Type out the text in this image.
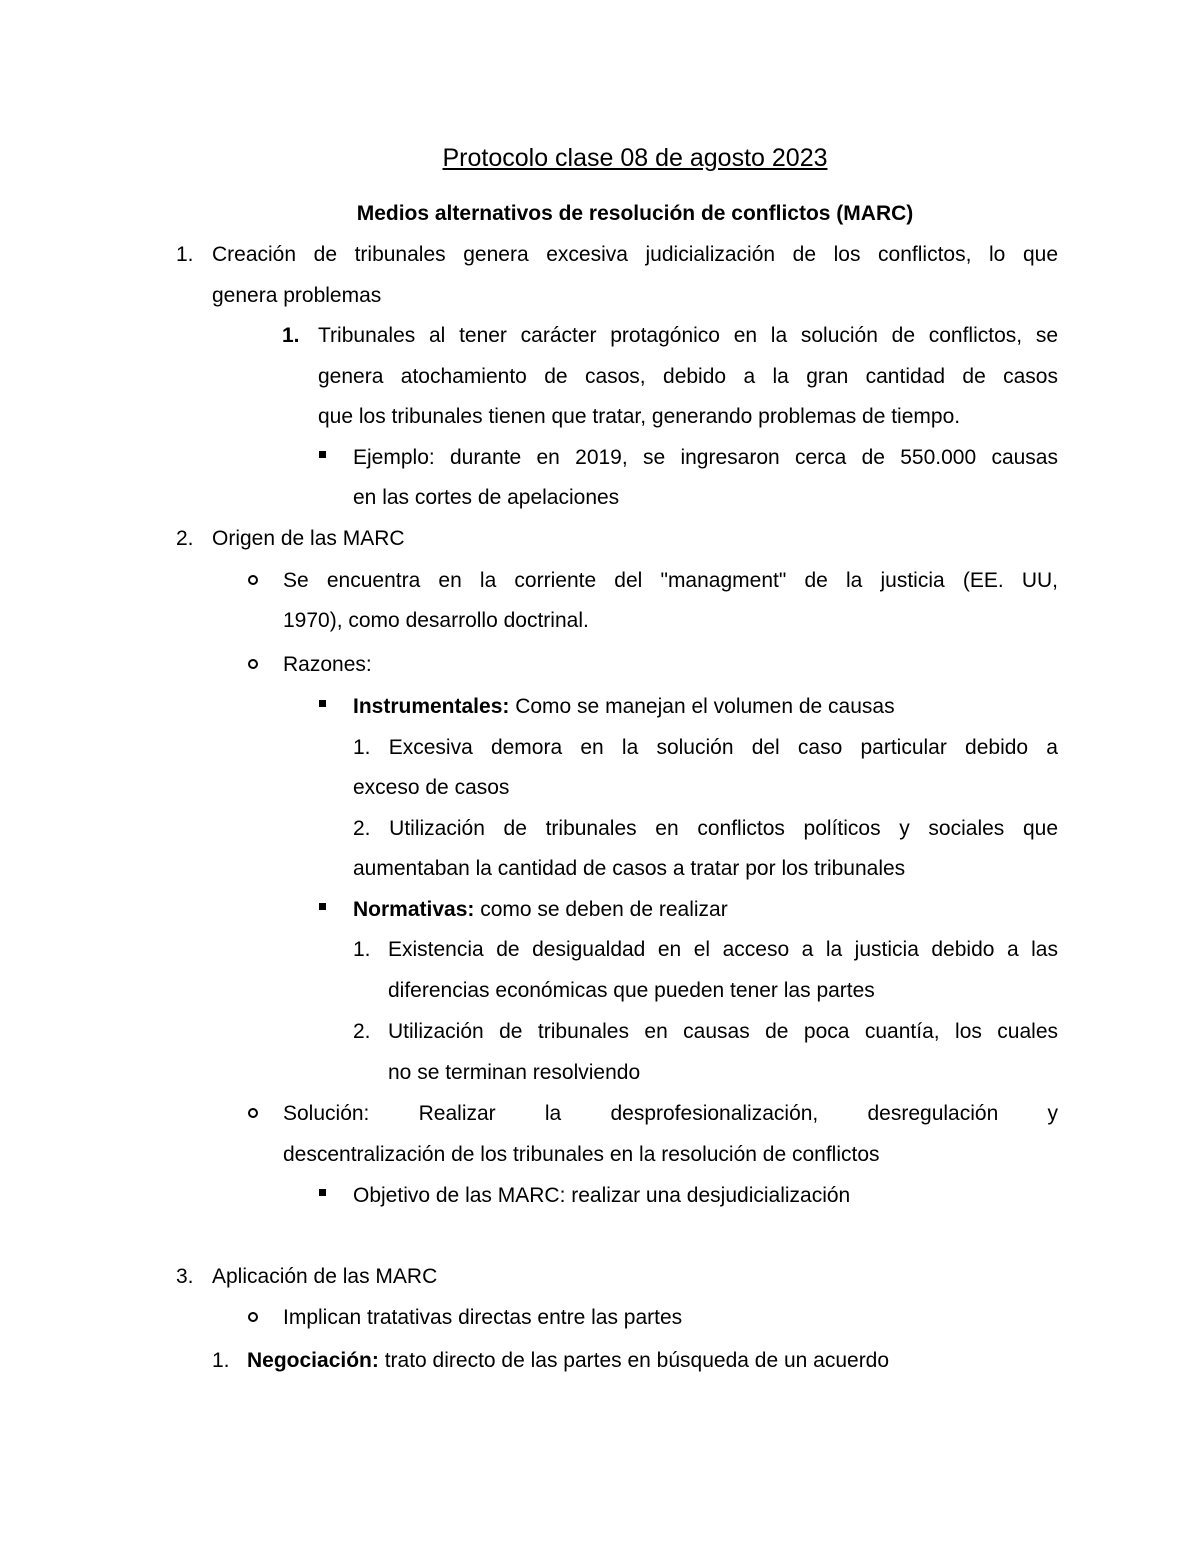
Protocolo clase 08 de agosto 2023
Medios alternativos de resolución de conflictos (MARC)
1. Creación de tribunales genera excesiva judicialización de los conflictos, lo que
genera problemas
1. Tribunales al tener carácter protagónico en la solución de conflictos, se
genera atochamiento de casos, debido a la gran cantidad de casos
que los tribunales tienen que tratar, generando problemas de tiempo.
Ejemplo: durante en 2019, se ingresaron cerca de 550.000 causas
en las cortes de apelaciones
2. Origen de las MARC
Se encuentra en la corriente del "managment" de la justicia (EE. UU,
1970), como desarrollo doctrinal.
Razones:
Instrumentales: Como se manejan el volumen de causas
1. Excesiva demora en la solución del caso particular debido a
exceso de casos
2. Utilización de tribunales en conflictos políticos y sociales que
aumentaban la cantidad de casos a tratar por los tribunales
Normativas: como se deben de realizar
1. Existencia de desigualdad en el acceso a la justicia debido a las
diferencias económicas que pueden tener las partes
2. Utilización de tribunales en causas de poca cuantía, los cuales
no se terminan resolviendo
Solución: Realizar la desprofesionalización, desregulación y
descentralización de los tribunales en la resolución de conflictos
Objetivo de las MARC: realizar una desjudicialización
3. Aplicación de las MARC
Implican tratativas directas entre las partes
1. Negociación: trato directo de las partes en búsqueda de un acuerdo
